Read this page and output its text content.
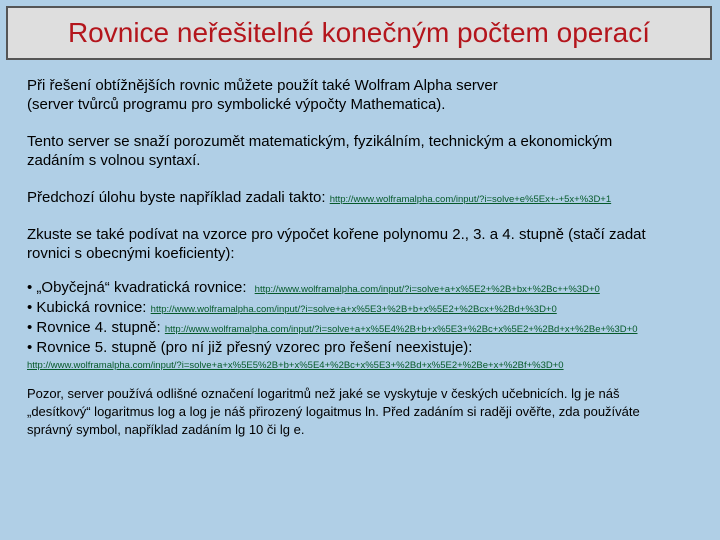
Rovnice neřešitelné konečným počtem operací

Při řešení obtížnějších rovnic můžete použít také Wolfram Alpha server
(server tvůrců programu pro symbolické výpočty Mathematica).

Tento server se snaží porozumět matematickým, fyzikálním, technickým a ekonomickým
zadáním s volnou syntaxí.

Předchozí úlohu byste například zadali takto: http://www.wolframalpha.com/input/?i=solve+e%5Ex+-+5x+%3D+1

Zkuste se také podívat na vzorce pro výpočet kořene polynomu 2., 3. a 4. stupně (stačí zadat
rovnici s obecnými koeficienty):

• „Obyčejná“ kvadratická rovnice: http://www.wolframalpha.com/input/?i=solve+a+x%5E2+%2B+bx+%2Bc++%3D+0
• Kubická rovnice: http://www.wolframalpha.com/input/?i=solve+a+x%5E3+%2B+b+x%5E2+%2Bcx+%2Bd+%3D+0
• Rovnice 4. stupně: http://www.wolframalpha.com/input/?i=solve+a+x%5E4%2B+b+x%5E3+%2Bc+x%5E2+%2Bd+x+%2Be+%3D+0
• Rovnice 5. stupně (pro ní již přesný vzorec pro řešení neexistuje):
http://www.wolframalpha.com/input/?i=solve+a+x%5E5%2B+b+x%5E4+%2Bc+x%5E3+%2Bd+x%5E2+%2Be+x+%2Bf+%3D+0

Pozor, server používá odlišné označení logaritmů než jaké se vyskytuje v českých učebnicích. lg je náš
„desítkový“ logaritmus log a log je náš přirozený logaitmus ln. Před zadáním si raději ověřte, zda používáte
správný symbol, například zadáním lg 10 či lg e.
